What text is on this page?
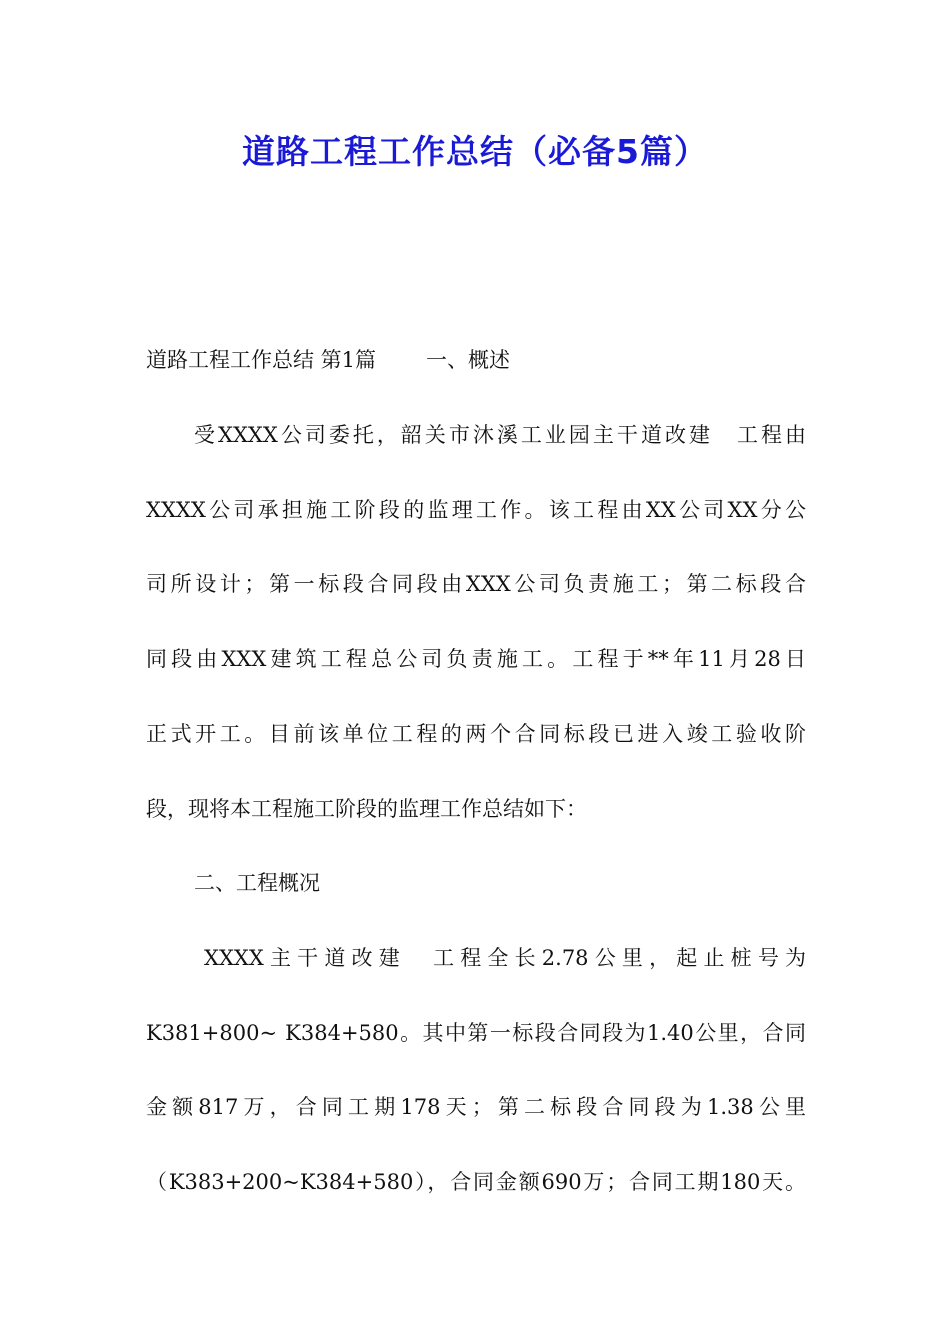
道路工程工作总结（必备5篇）

道路工程工作总结 第1篇 一、概述

受XXXX公司委托，韶关市沐溪工业园主干道改建　工程由

XXXX公司承担施工阶段的监理工作。该工程由XX公司XX分公

司所设计；第一标段合同段由XXX公司负责施工；第二标段合

同段由XXX建筑工程总公司负责施工。工程于**年11月28日

正式开工。目前该单位工程的两个合同标段已进入竣工验收阶

段，现将本工程施工阶段的监理工作总结如下：

二、工程概况

XXXX主干道改建　工程全长2.78公里，起止桩号为

K381+800~ K384+580。其中第一标段合同段为1.40公里，合同

金额817万，合同工期178天；第二标段合同段为1.38公里

（K383+200~K384+580），合同金额690万；合同工期180天。
